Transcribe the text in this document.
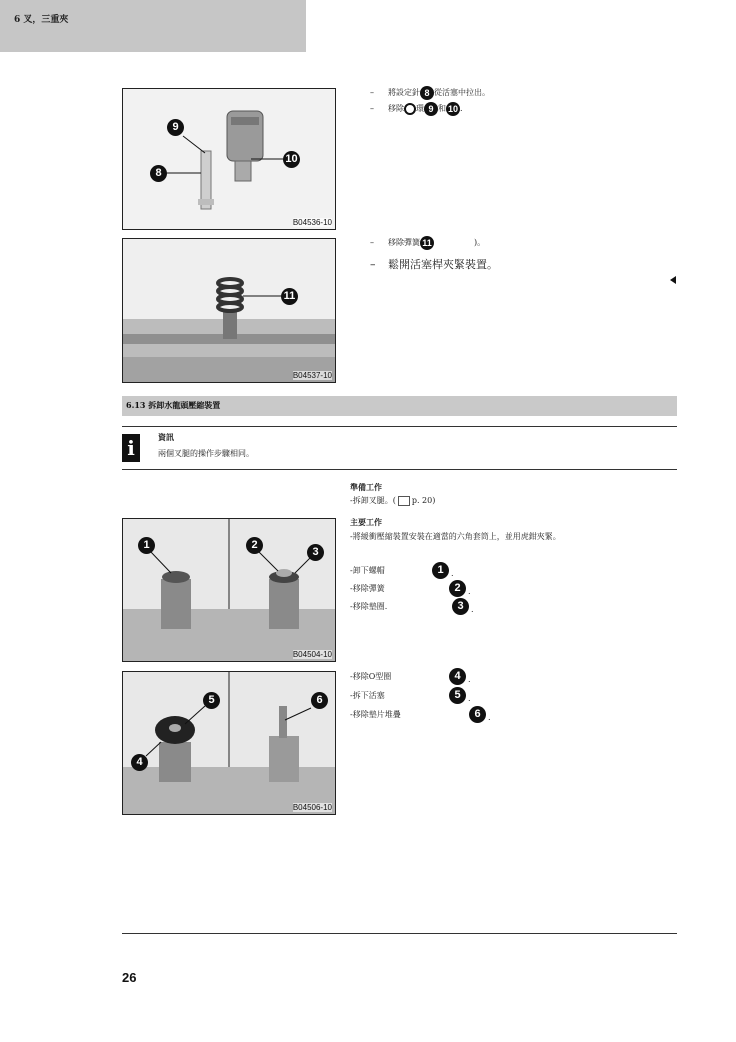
6 叉，三重夾
9
8
10
B04536-10
11
B04537-10
– 將設定針 8 從活塞中拉出。
– 移除 環 9 和 10 .
– 移除彈簧 11	)。
– 鬆開活塞桿夾緊裝置。
6.13 拆卸水龍頭壓縮裝置
i	資訊
兩個叉腿的操作步驟相同。
準備工作
-拆卸叉腿。( p. 20)
主要工作
-將緩衝壓縮裝置安裝在適當的六角套筒上，並用虎鉗夾緊。
-卸下螺帽	1 .
-移除彈簧	2 .
-移除墊圈.	3 .
1	2
3
B04504-10
5
4
6
B04506-10
-移除O型圈	4 .
-拆下活塞	5 .
-移除墊片堆疊	6 .
26
